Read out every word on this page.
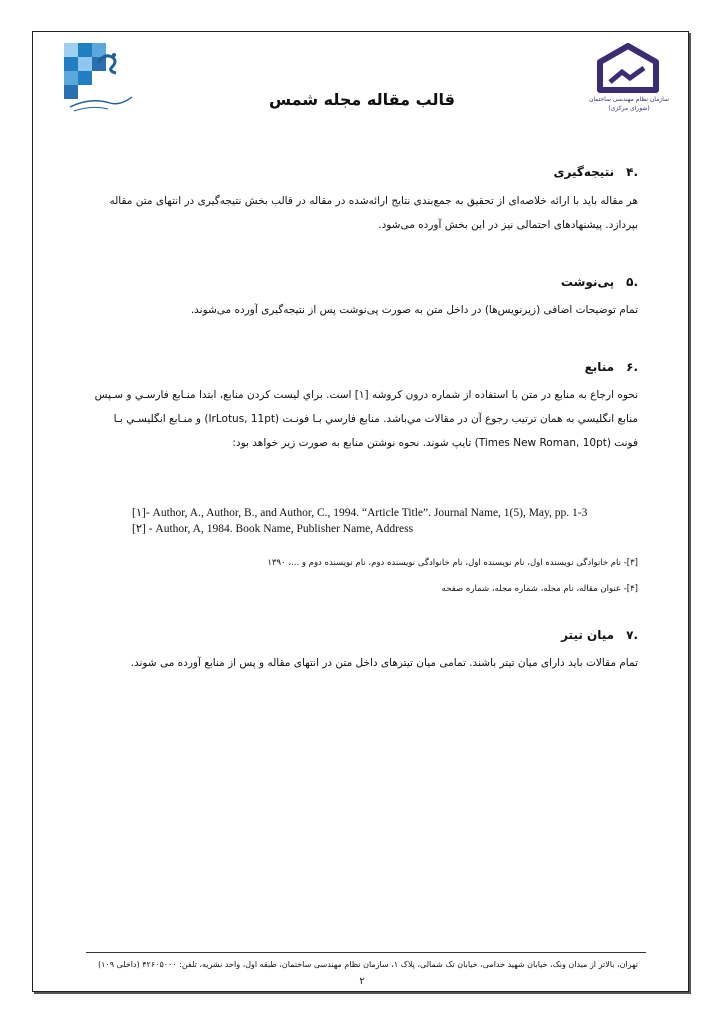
سازمان نظام مهندسی ساختمان
(شورای مرکزی)
قالب مقاله مجله شمس
.۴نتیجه‌گیری
هر مقاله باید با ارائه خلاصه‌ای از تحقیق به جمع‌بندی نتایج ارائه‌شده در مقاله در قالب بخش نتیجه‌گیری در انتهای متن مقاله
بپردازد. پیشنهادهای احتمالی نیز در این بخش آورده می‌شود.
.۵پی‌نوشت
تمام توضیحات اضافی (زیرنویس‌ها) در داخل متن به صورت پی‌نوشت پس از نتیجه‌گیری آورده می‌شوند.
.۶منابع
نحوه ارجاع به منابع در متن با استفاده از شماره درون کروشه [۱] است. براي ليست کردن منابع، ابتدا منـابع فارسـي و سـپس
منابع انگليسي به همان ترتيب رجوع آن در مقالات مي‌باشد. منابع فارسي بـا فونـت (IrLotus, 11pt) و منـابع انگليسـي بـا
فونت (Times New Roman, 10pt) تايپ شوند. نحوه نوشتن منابع به صورت زیر خواهد بود:
[۱]- Author, A., Author, B., and Author, C., 1994. “Article Title”. Journal Name, 1(5), May, pp. 1-3
[۲] - Author, A, 1984. Book Name, Publisher Name, Address
[۳]- نام خانوادگی نویسنده اول، نام نویسنده اول، نام خانوادگی نویسنده دوم، نام نویسنده دوم و ...، ۱۳۹۰
[۴]- عنوان مقاله، نام مجله، شماره مجله، شماره صفحه
.۷میان تیتر
تمام مقالات باید دارای میان تیتر باشند. تمامی میان تیترهای داخل متن در انتهای مقاله و پس از منابع آورده می شوند.
تهران، بالاتر از میدان ونک، خیابان شهید خدامی، خیابان تک شمالی، پلاک ۱، سازمان نظام مهندسی ساختمان، طبقه اول، واحد نشریه، تلفن: ۴۲۶۰۵۰۰۰ (داخلی ۱۰۹)
۲
